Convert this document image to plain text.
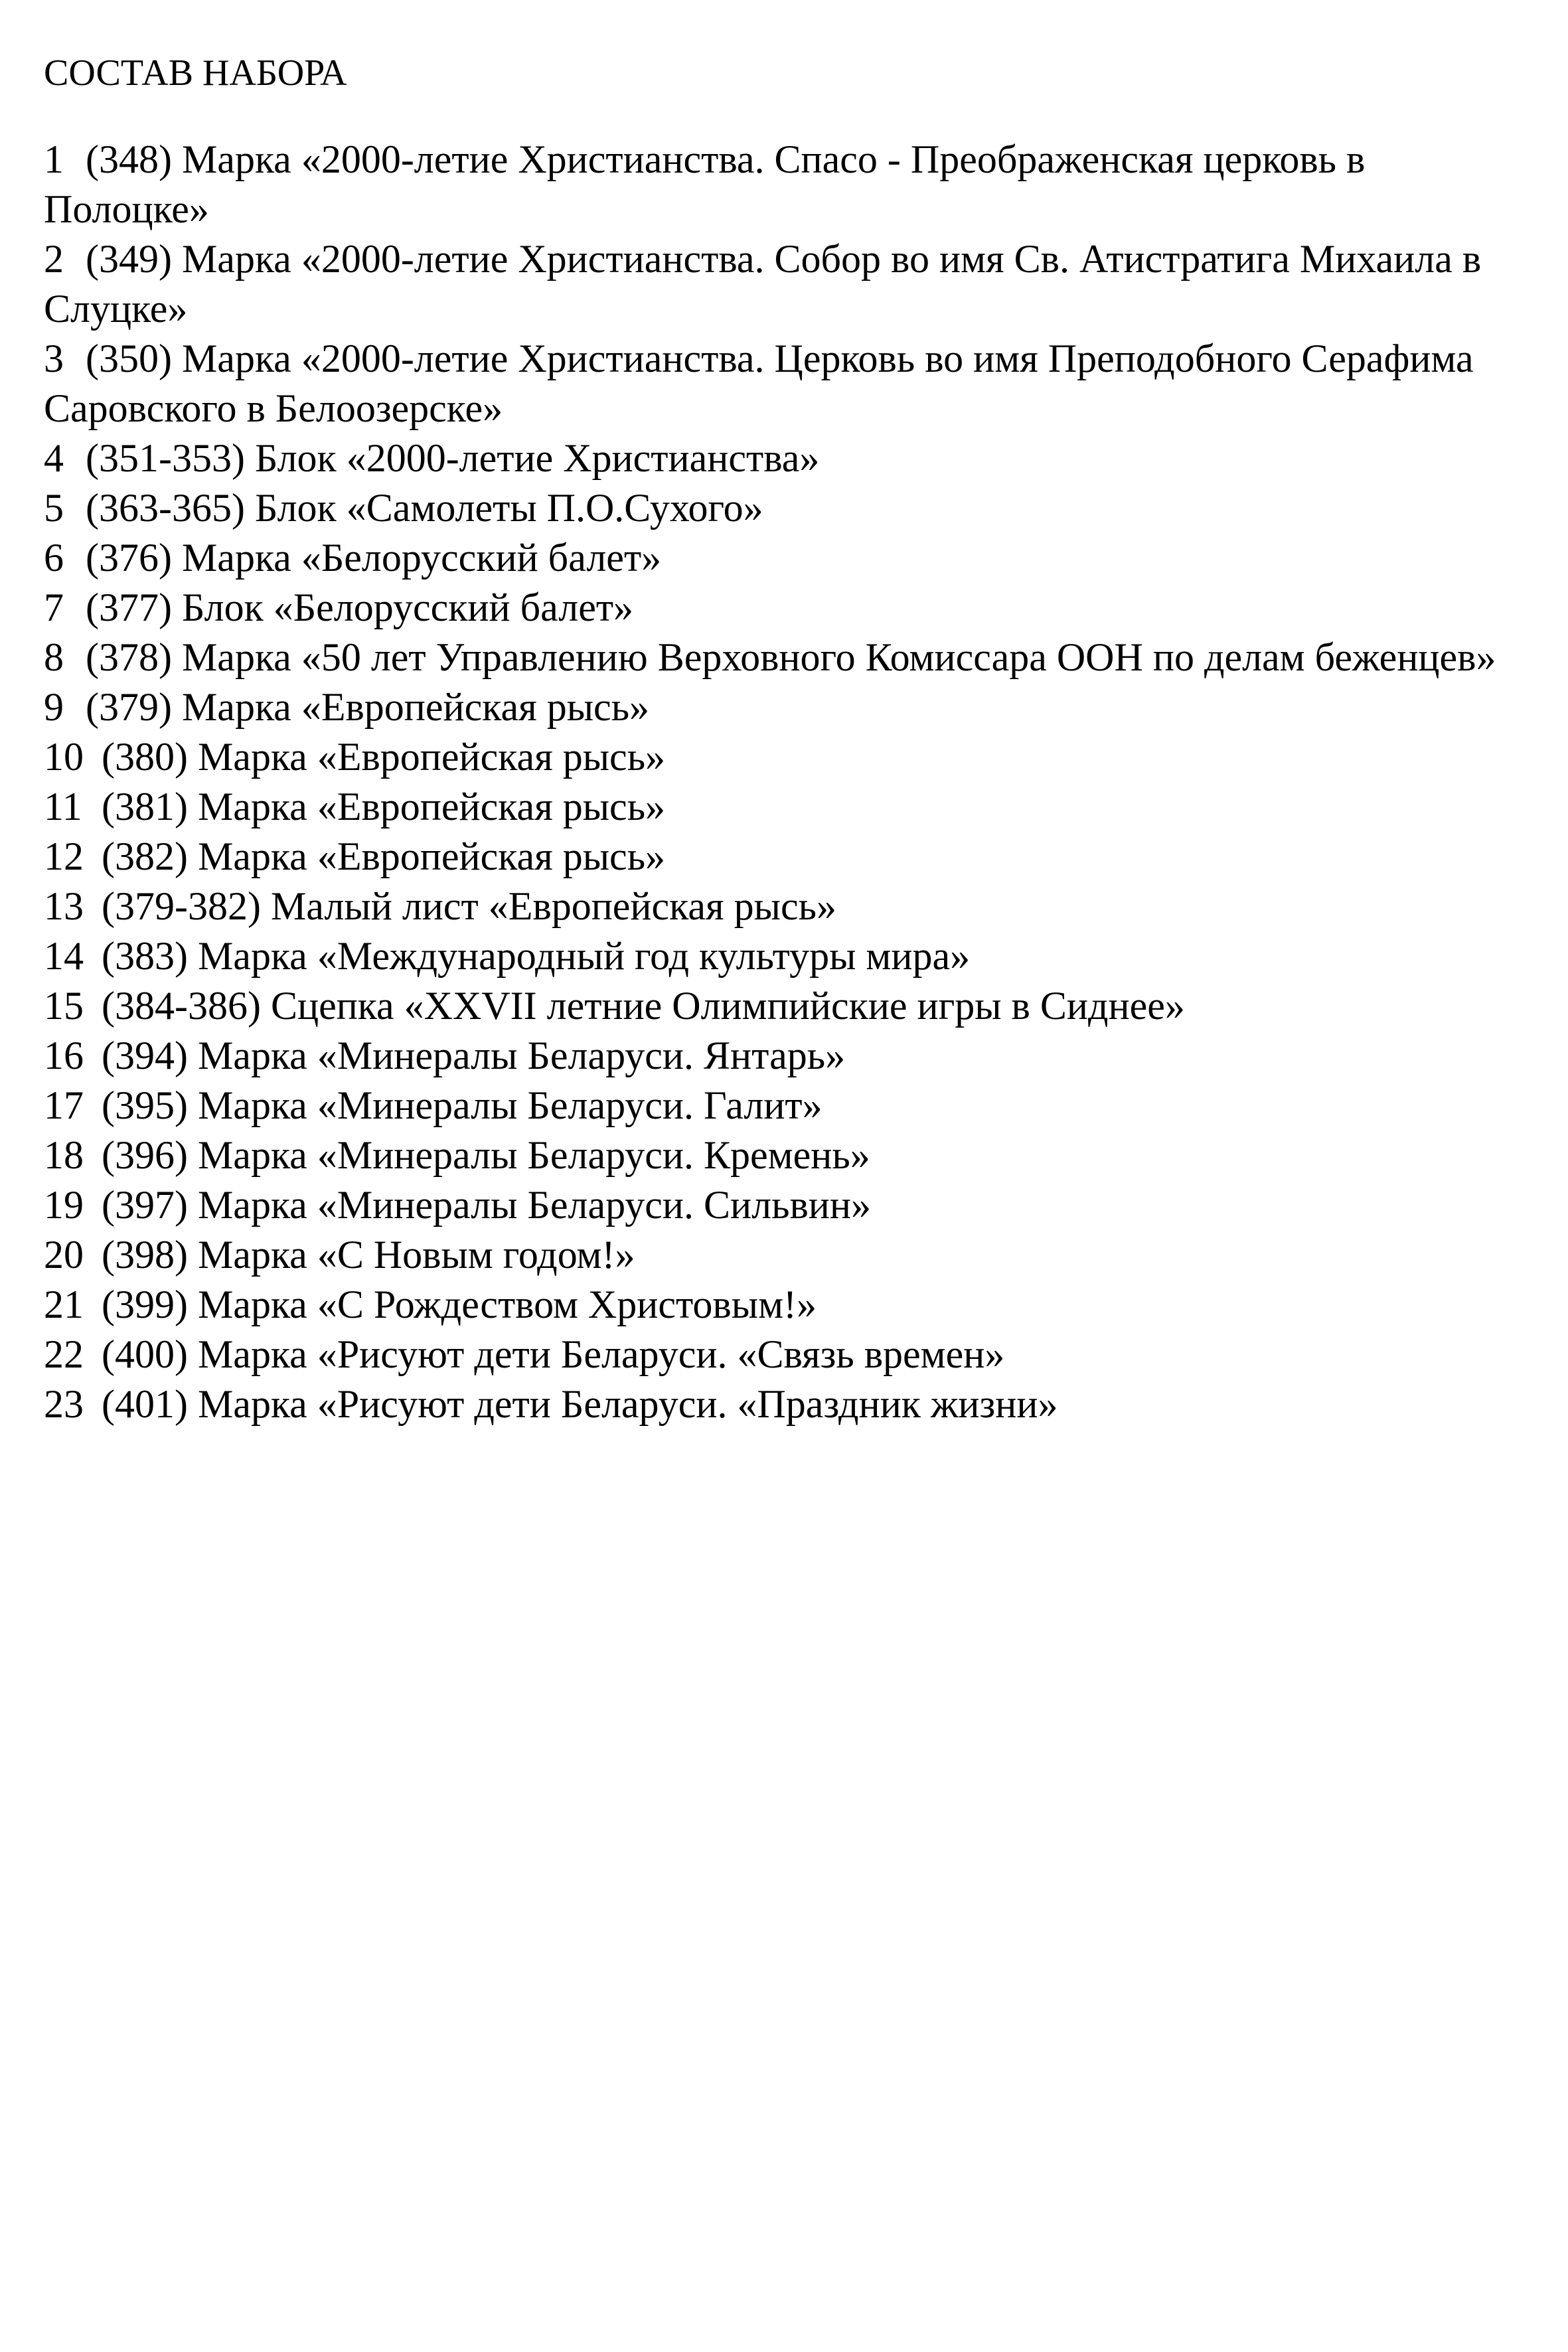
СОСТАВ НАБОРА
1 (348) Марка «2000-летие Христианства. Спасо - Преображенская церковь в Полоцке»
2 (349) Марка «2000-летие Христианства. Собор во имя Св. Атистратига Михаила в Слуцке»
3 (350) Марка «2000-летие Христианства. Церковь во имя Преподобного Серафима Саровского в Белоозерске»
4 (351-353) Блок «2000-летие Христианства»
5 (363-365) Блок «Самолеты П.О.Сухого»
6 (376) Марка «Белорусский балет»
7 (377) Блок «Белорусский балет»
8 (378) Марка «50 лет Управлению Верховного Комиссара ООН по делам беженцев»
9 (379) Марка «Европейская рысь»
10 (380) Марка «Европейская рысь»
11 (381) Марка «Европейская рысь»
12 (382) Марка «Европейская рысь»
13 (379-382) Малый лист «Европейская рысь»
14 (383) Марка «Международный год культуры мира»
15 (384-386) Сцепка «XXVII летние Олимпийские игры в Сиднее»
16 (394) Марка «Минералы Беларуси. Янтарь»
17 (395) Марка «Минералы Беларуси. Галит»
18 (396) Марка «Минералы Беларуси. Кремень»
19 (397) Марка «Минералы Беларуси. Сильвин»
20 (398) Марка «С Новым годом!»
21 (399) Марка «С Рождеством Христовым!»
22 (400) Марка «Рисуют дети Беларуси. «Связь времен»
23 (401) Марка «Рисуют дети Беларуси. «Праздник жизни»
